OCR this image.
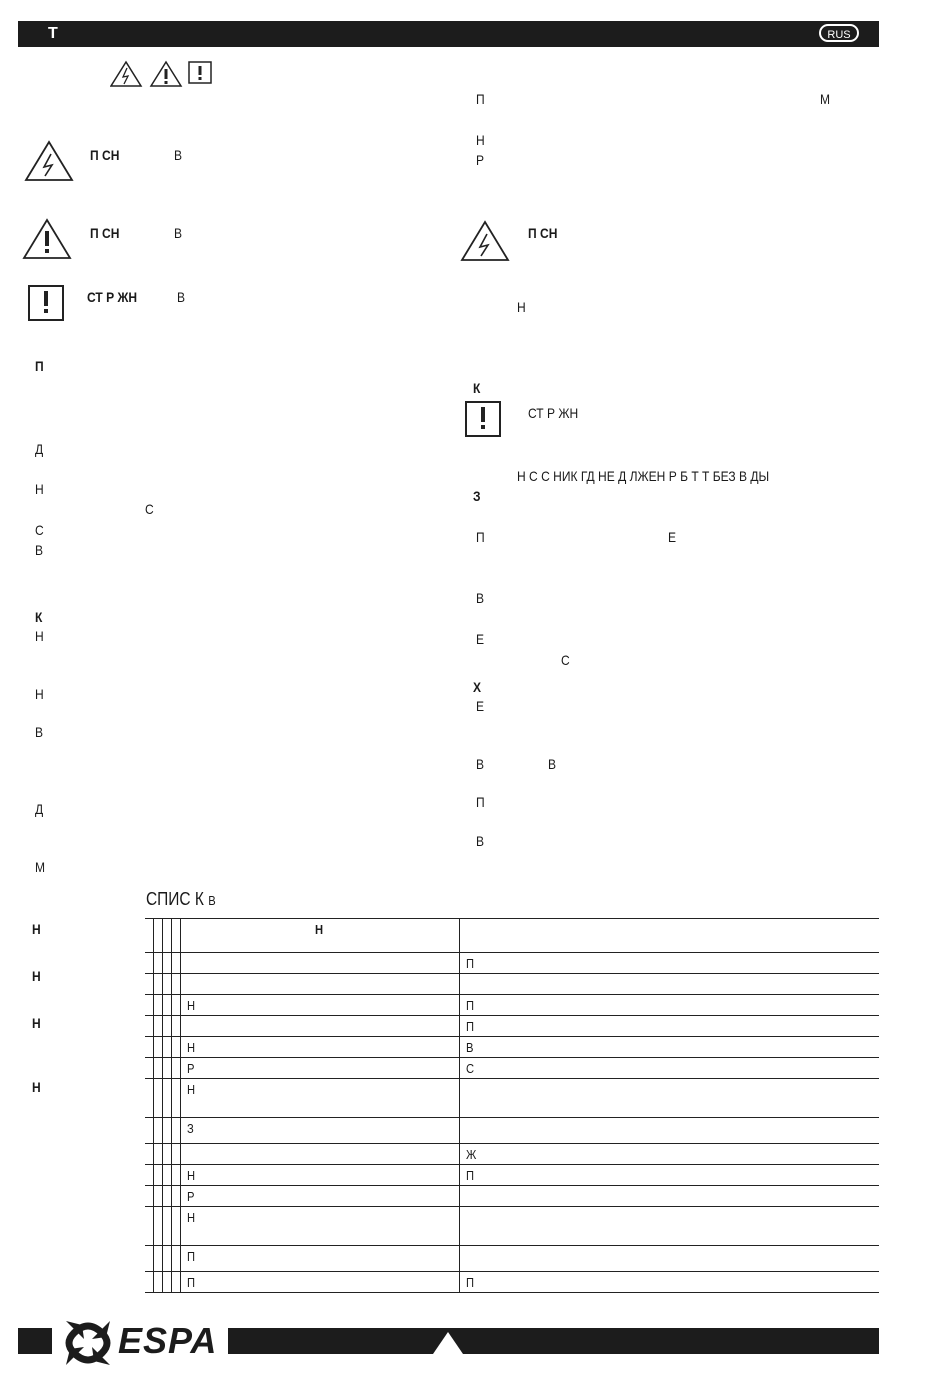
Т	RUS
П СН	В
П СН	В
СТ Р ЖН	В
П
Д
Н
С
С
В
К
Н
Н
В
Д
М
Н
Н
Н
Н
П	М
Н
Р
П СН
Н
К
СТ Р ЖН
Н С С НИК ГД НЕ Д ЛЖЕН Р Б Т Т БЕЗ В ДЫ
З
П	Е
В
Е
С
Х
Е
В	В
П
В
СПИС К В
				Н	
					П

				Н	П
					П
				Н	В
				Р	С
				Н	
				З	
					Ж
				Н	П
				Р	
				Н	
				П	
				П	П
ESPA
